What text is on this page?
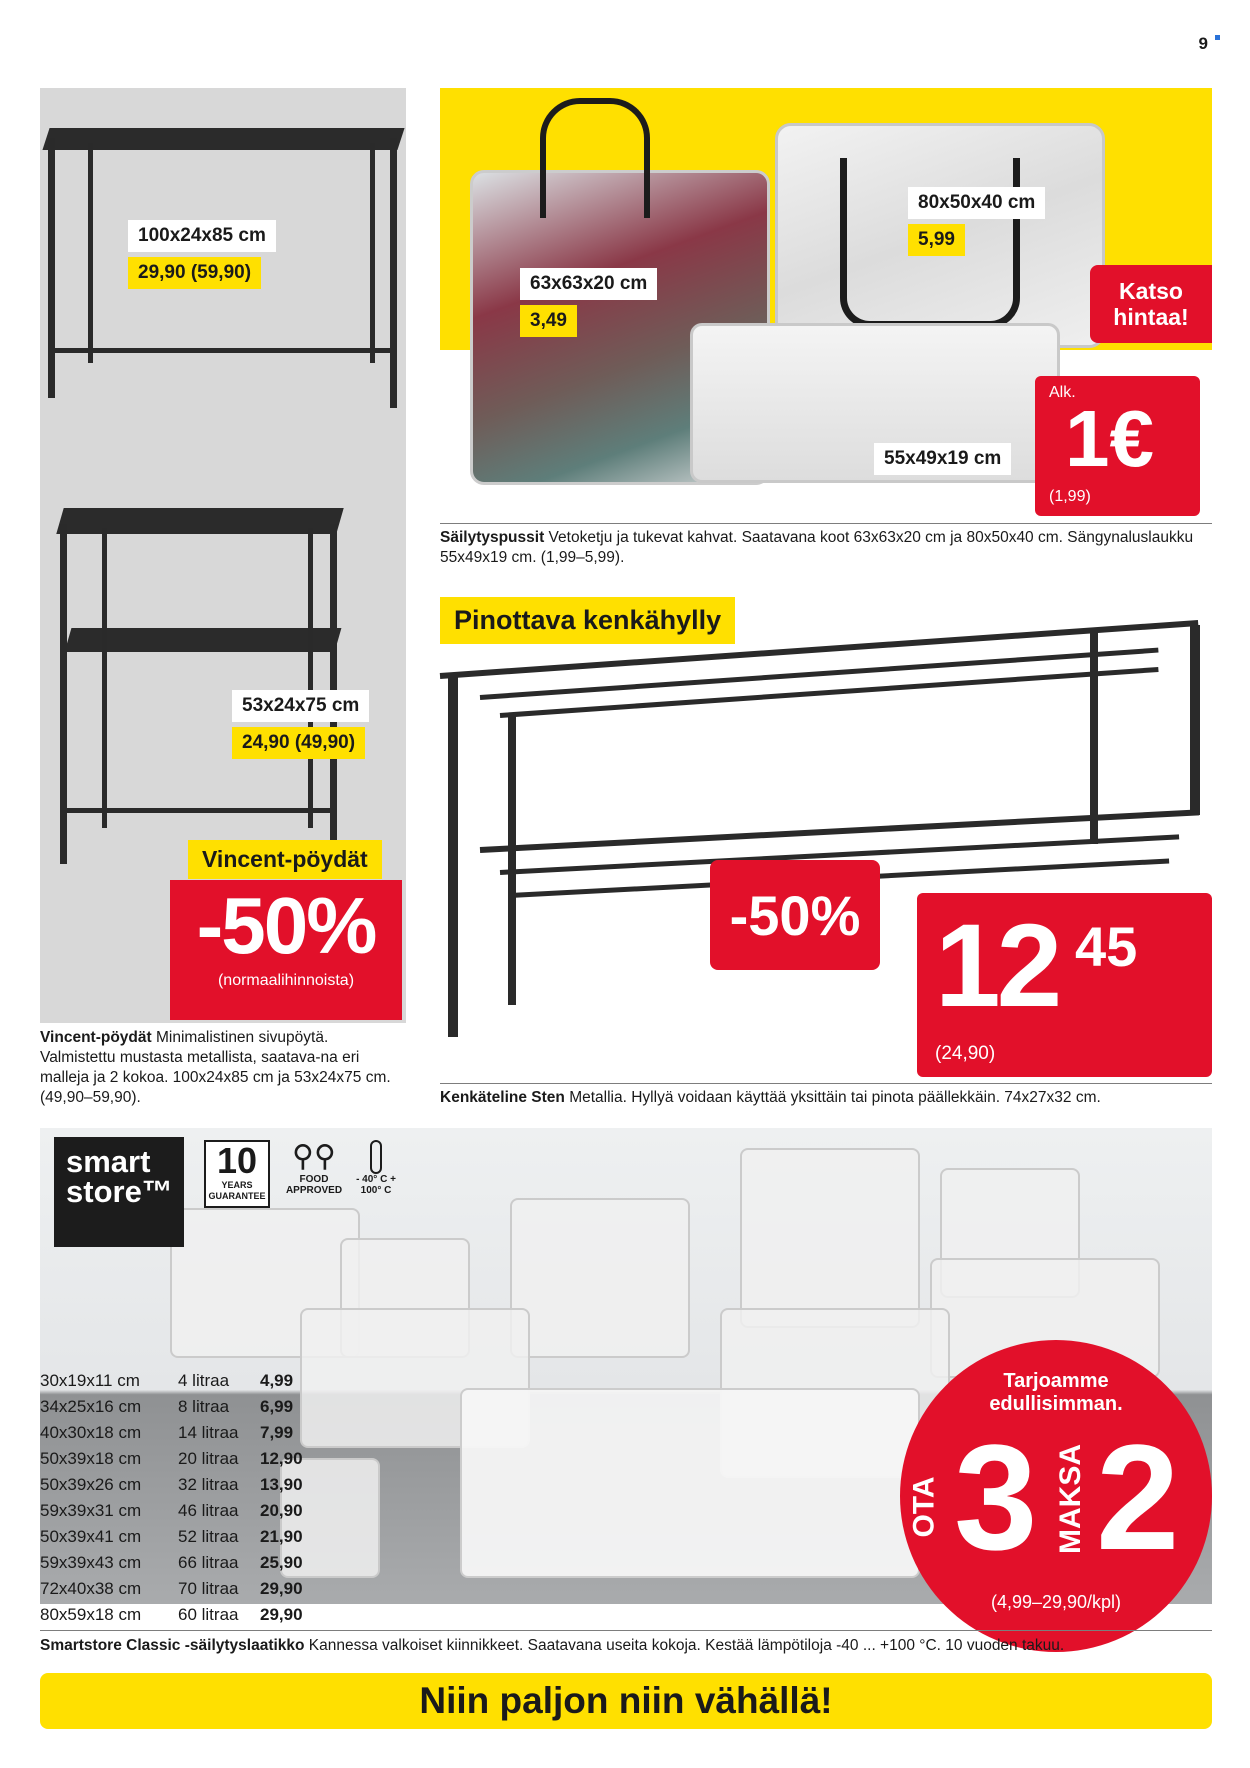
9
100x24x85 cm
29,90 (59,90)
53x24x75 cm
24,90 (49,90)
Vincent-pöydät
-50%
(normaalihinnoista)
Vincent-pöydät Minimalistinen sivupöytä. Valmistettu mustasta metallista, saatava-na eri malleja ja 2 kokoa. 100x24x85 cm ja 53x24x75 cm. (49,90–59,90).
63x63x20 cm
3,49
80x50x40 cm
5,99
55x49x19 cm
Katso hintaa!
Alk.
1€
(1,99)
Säilytyspussit Vetoketju ja tukevat kahvat. Saatavana koot 63x63x20 cm ja 80x50x40 cm. Sängynaluslaukku 55x49x19 cm. (1,99–5,99).
Pinottava kenkähylly
-50% 12 45
(24,90)
Kenkäteline Sten Metallia. Hyllyä voidaan käyttää yksittäin tai pinota päällekkäin. 74x27x32 cm.
smart
store™
10
YEARS GUARANTEE
⚲⚲
FOOD APPROVED
- 40° C + 100° C
30x19x11 cm	4 litraa	4,99
34x25x16 cm	8 litraa	6,99
40x30x18 cm	14 litraa	7,99
50x39x18 cm	20 litraa	12,90
50x39x26 cm	32 litraa	13,90
59x39x31 cm	46 litraa	20,90
50x39x41 cm	52 litraa	21,90
59x39x43 cm	66 litraa	25,90
72x40x38 cm	70 litraa	29,90
80x59x18 cm	60 litraa	29,90
Tarjoamme edullisimman.
OTA 3 MAKSA 2
(4,99–29,90/kpl)
Smartstore Classic -säilytyslaatikko Kannessa valkoiset kiinnikkeet. Saatavana useita kokoja. Kestää lämpötiloja -40 ... +100 °C. 10 vuoden takuu.
Niin paljon niin vähällä!
